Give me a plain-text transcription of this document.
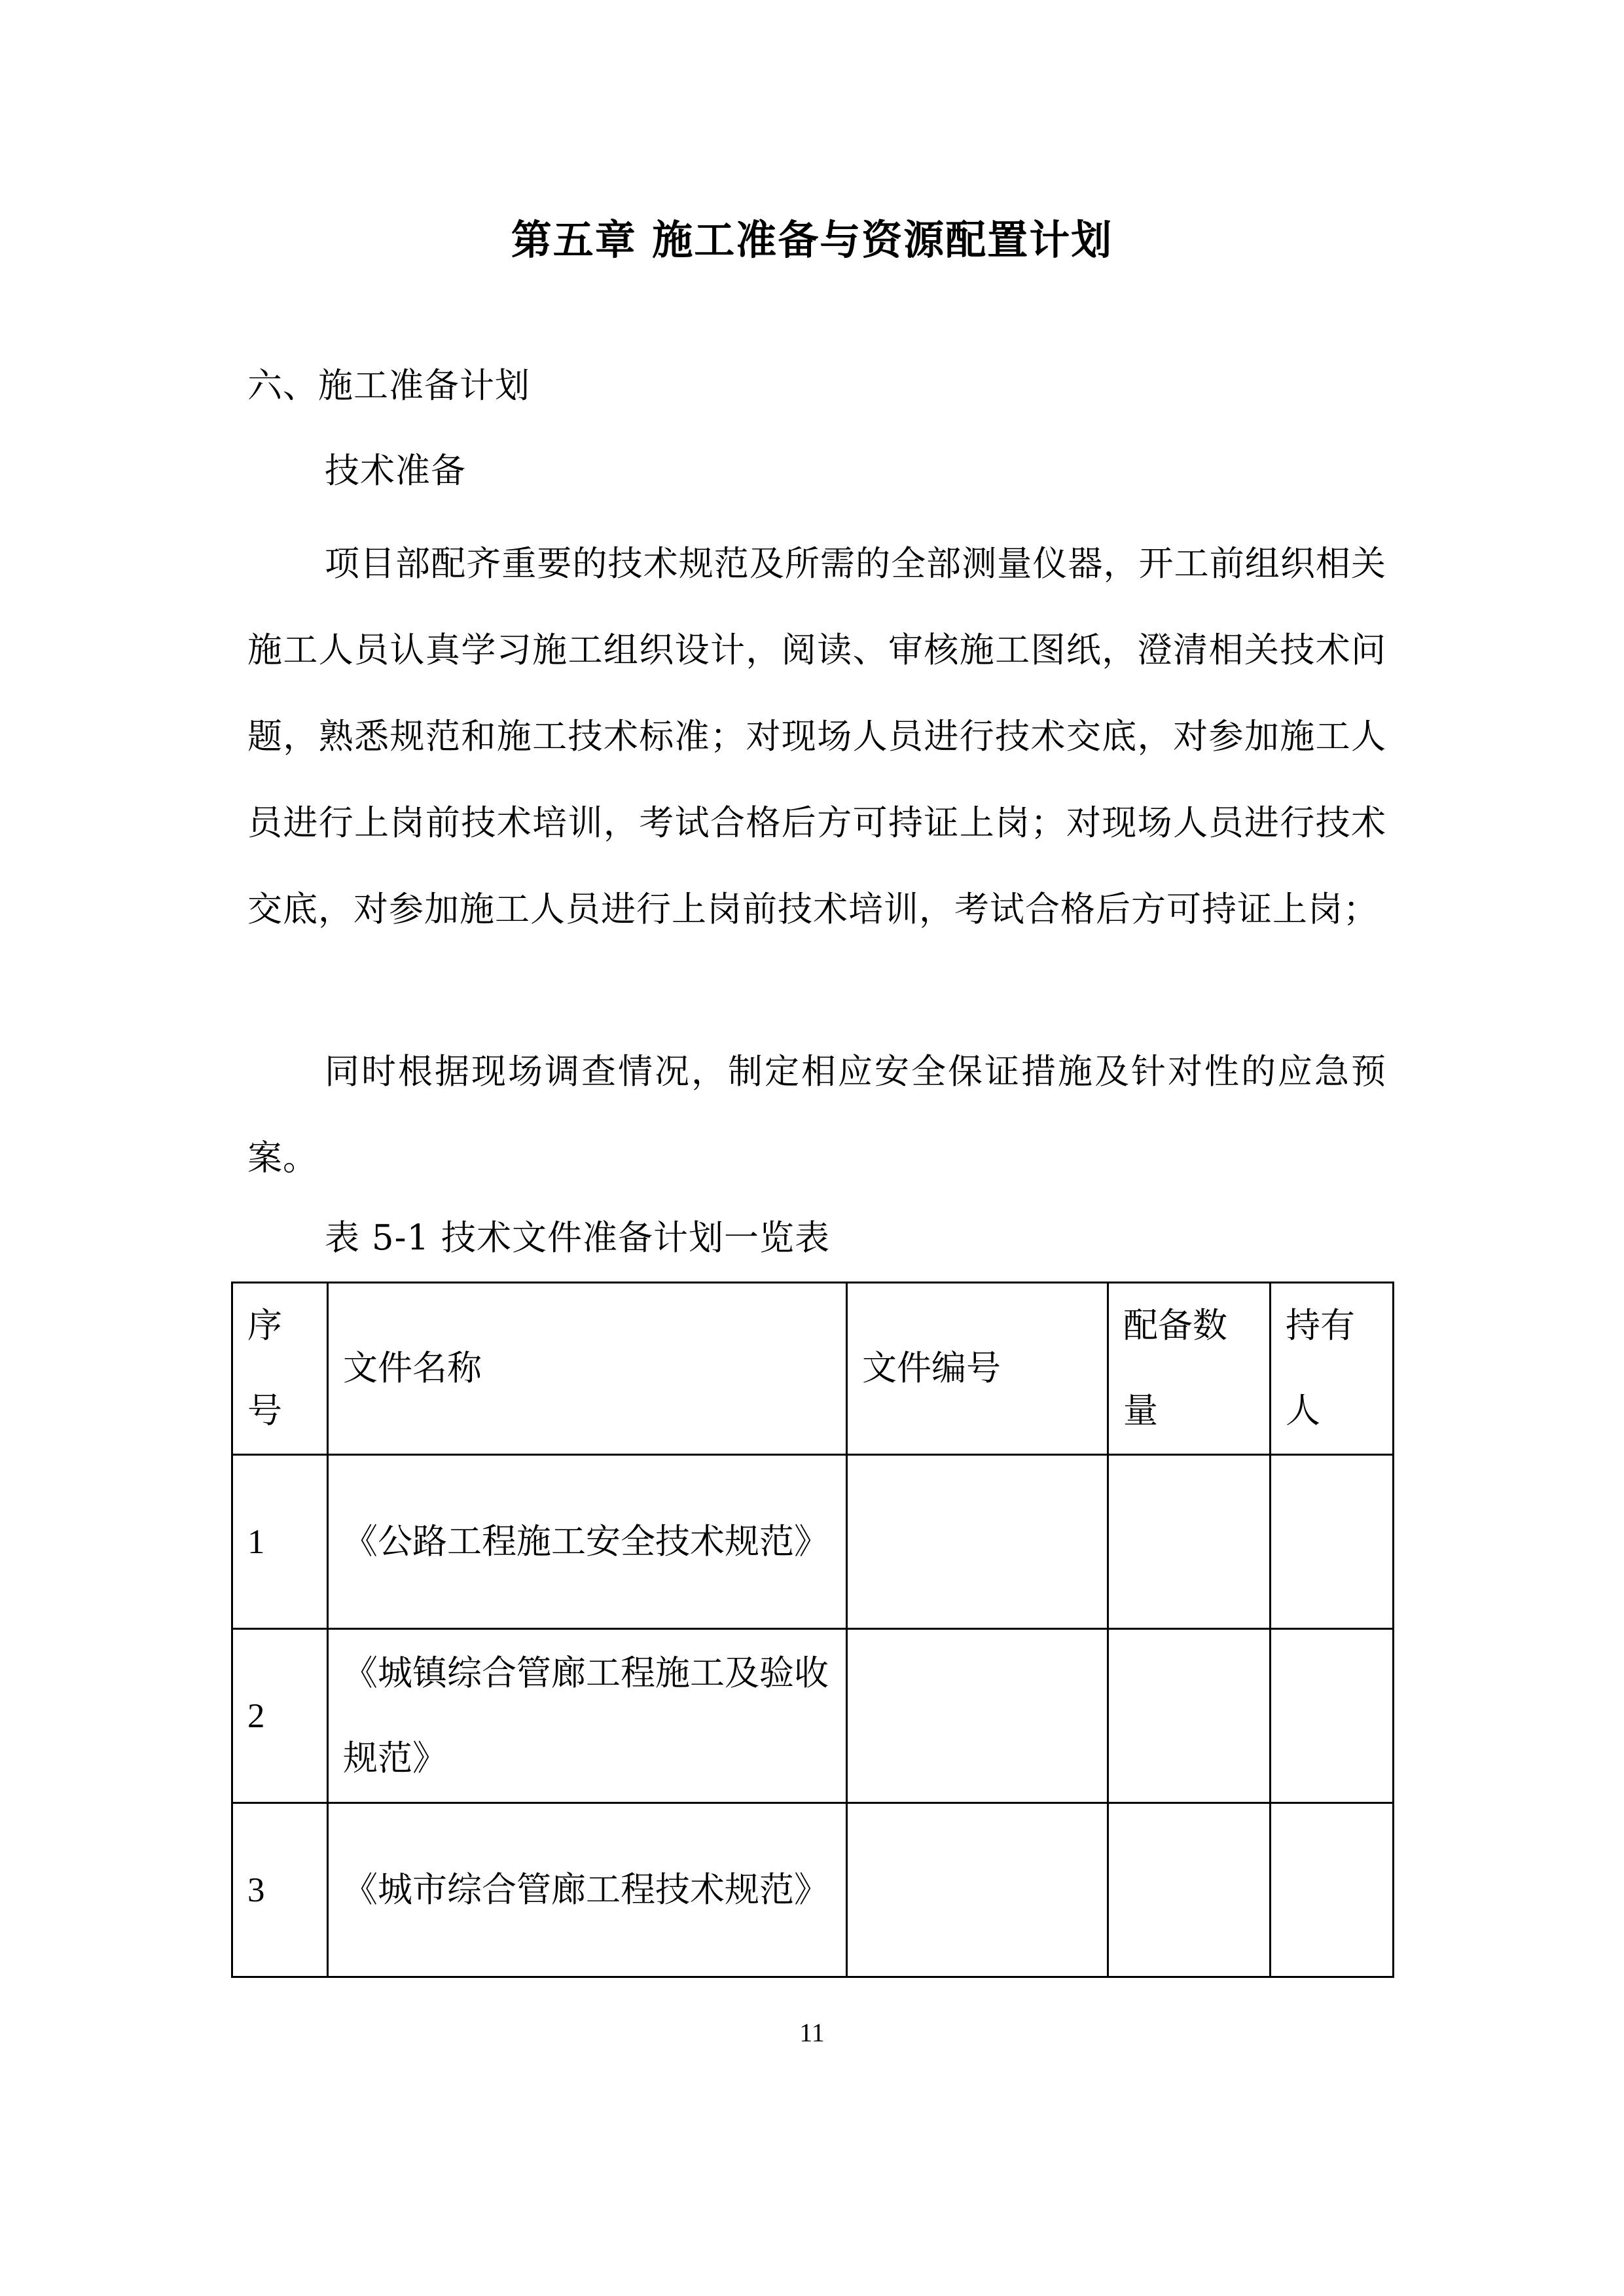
第五章 施工准备与资源配置计划
六、施工准备计划
技术准备
项目部配齐重要的技术规范及所需的全部测量仪器，开工前组织相关施工人员认真学习施工组织设计，阅读、审核施工图纸，澄清相关技术问题，熟悉规范和施工技术标准；对现场人员进行技术交底，对参加施工人员进行上岗前技术培训，考试合格后方可持证上岗；对现场人员进行技术交底，对参加施工人员进行上岗前技术培训，考试合格后方可持证上岗；
同时根据现场调查情况，制定相应安全保证措施及针对性的应急预案。
表 5-1 技术文件准备计划一览表
序号	文件名称	文件编号	配备数量	持有人
1	《公路工程施工安全技术规范》			
2	《城镇综合管廊工程施工及验收规范》			
3	《城市综合管廊工程技术规范》			
11
